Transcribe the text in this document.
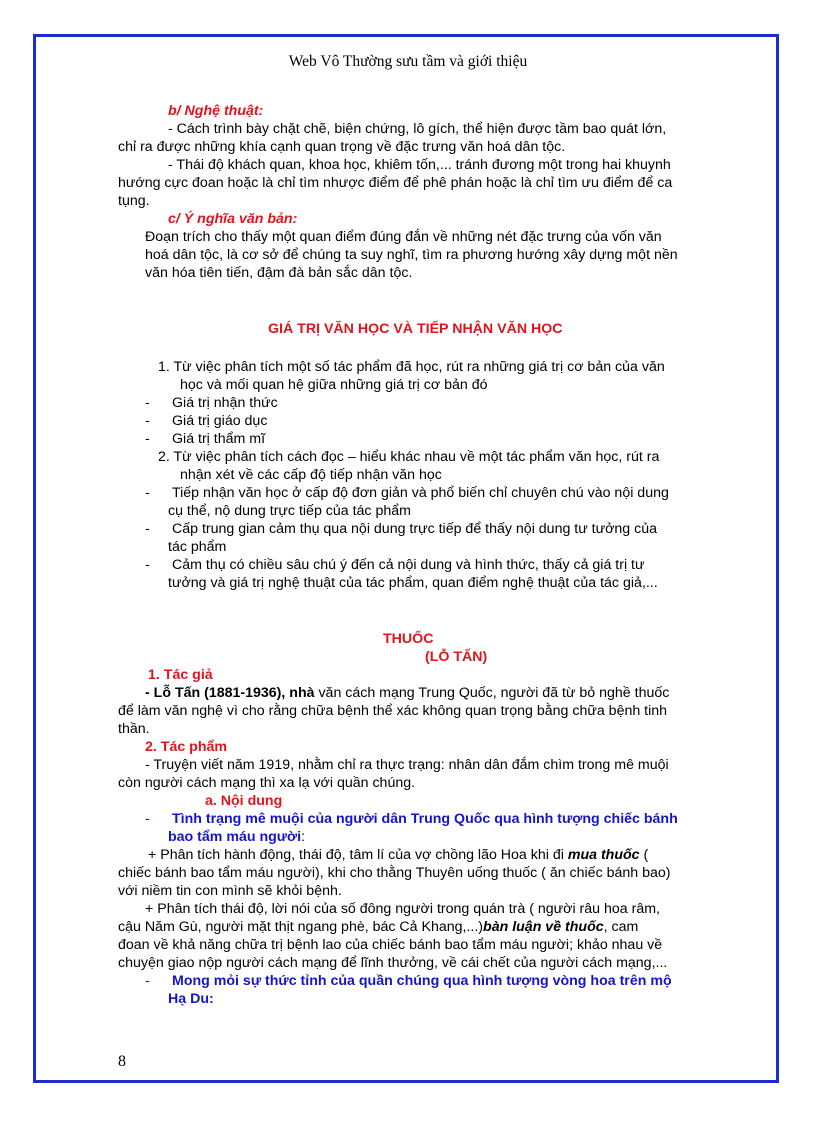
Web Vô Thường sưu tầm và giới thiệu
b/ Nghệ thuật:
- Cách trình bày chặt chẽ, biện chứng, lô gích, thể hiện được tầm bao quát lớn,
chỉ ra được những khía cạnh quan trọng về đặc trưng văn hoá dân tộc.
- Thái độ khách quan, khoa học, khiêm tốn,... tránh đương một trong hai khuynh
hướng cực đoan hoặc là chỉ tìm nhược điểm để phê phán hoặc là chỉ tìm ưu điểm để ca
tụng.
c/ Ý nghĩa văn bản:
Đoạn trích cho thấy một quan điểm đúng đắn về những nét đặc trưng của vốn văn
hoá dân tộc, là cơ sở để chúng ta suy nghĩ, tìm ra phương hướng xây dựng một nền
văn hóa tiên tiến, đậm đà bản sắc dân tộc.
GIÁ TRỊ VĂN HỌC VÀ TIẾP NHẬN VĂN HỌC
1. Từ việc phân tích một số tác phẩm đã học, rút ra những giá trị cơ bản của văn
học và mối quan hệ giữa những giá trị cơ bản đó
- Giá trị nhận thức
- Giá trị giáo dục
- Giá trị thẩm mĩ
2. Từ việc phân tích cách đọc – hiểu khác nhau về một tác phẩm văn học, rút ra
nhận xét về các cấp độ tiếp nhận văn học
- Tiếp nhận văn học ở cấp độ đơn giản và phổ biến chỉ chuyên chú vào nội dung
cụ thể, nộ dung trực tiếp của tác phẩm
- Cấp trung gian cảm thụ qua nội dung trực tiếp để thấy nội dung tư tưởng của
tác phẩm
- Cảm thụ có chiều sâu chú ý đến cả nội dung và hình thức, thấy cả giá trị tư
tưởng và giá trị nghệ thuật của tác phẩm, quan điểm nghệ thuật của tác giả,...
THUỐC
(LỖ TẤN)
1. Tác giả
- Lỗ Tấn (1881-1936), nhà văn cách mạng Trung Quốc, người đã từ bỏ nghề thuốc
để làm văn nghệ vì cho rằng chữa bệnh thể xác không quan trọng bằng chữa bệnh tinh
thần.
2. Tác phẩm
- Truyện viết năm 1919, nhằm chỉ ra thực trạng: nhân dân đắm chìm trong mê muội
còn người cách mạng thì xa lạ với quần chúng.
a. Nội dung
- Tình trạng mê muội của người dân Trung Quốc qua hình tượng chiếc bánh
bao tẩm máu người:
+ Phân tích hành động, thái độ, tâm lí của vợ chồng lão Hoa khi đi mua thuốc (
chiếc bánh bao tẩm máu người), khi cho thằng Thuyên uống thuốc ( ăn chiếc bánh bao)
với niềm tin con mình sẽ khỏi bệnh.
+ Phân tích thái độ, lời nói của số đông người trong quán trà ( người râu hoa râm,
cậu Năm Gù, người mặt thịt ngang phè, bác Cả Khang,...)bàn luận về thuốc, cam
đoan về khả năng chữa trị bệnh lao của chiếc bánh bao tẩm máu người; khảo nhau về
chuyện giao nộp người cách mạng để lĩnh thưởng, về cái chết của người cách mạng,...
- Mong mỏi sự thức tỉnh của quần chúng qua hình tượng vòng hoa trên mộ
Hạ Du:
8
